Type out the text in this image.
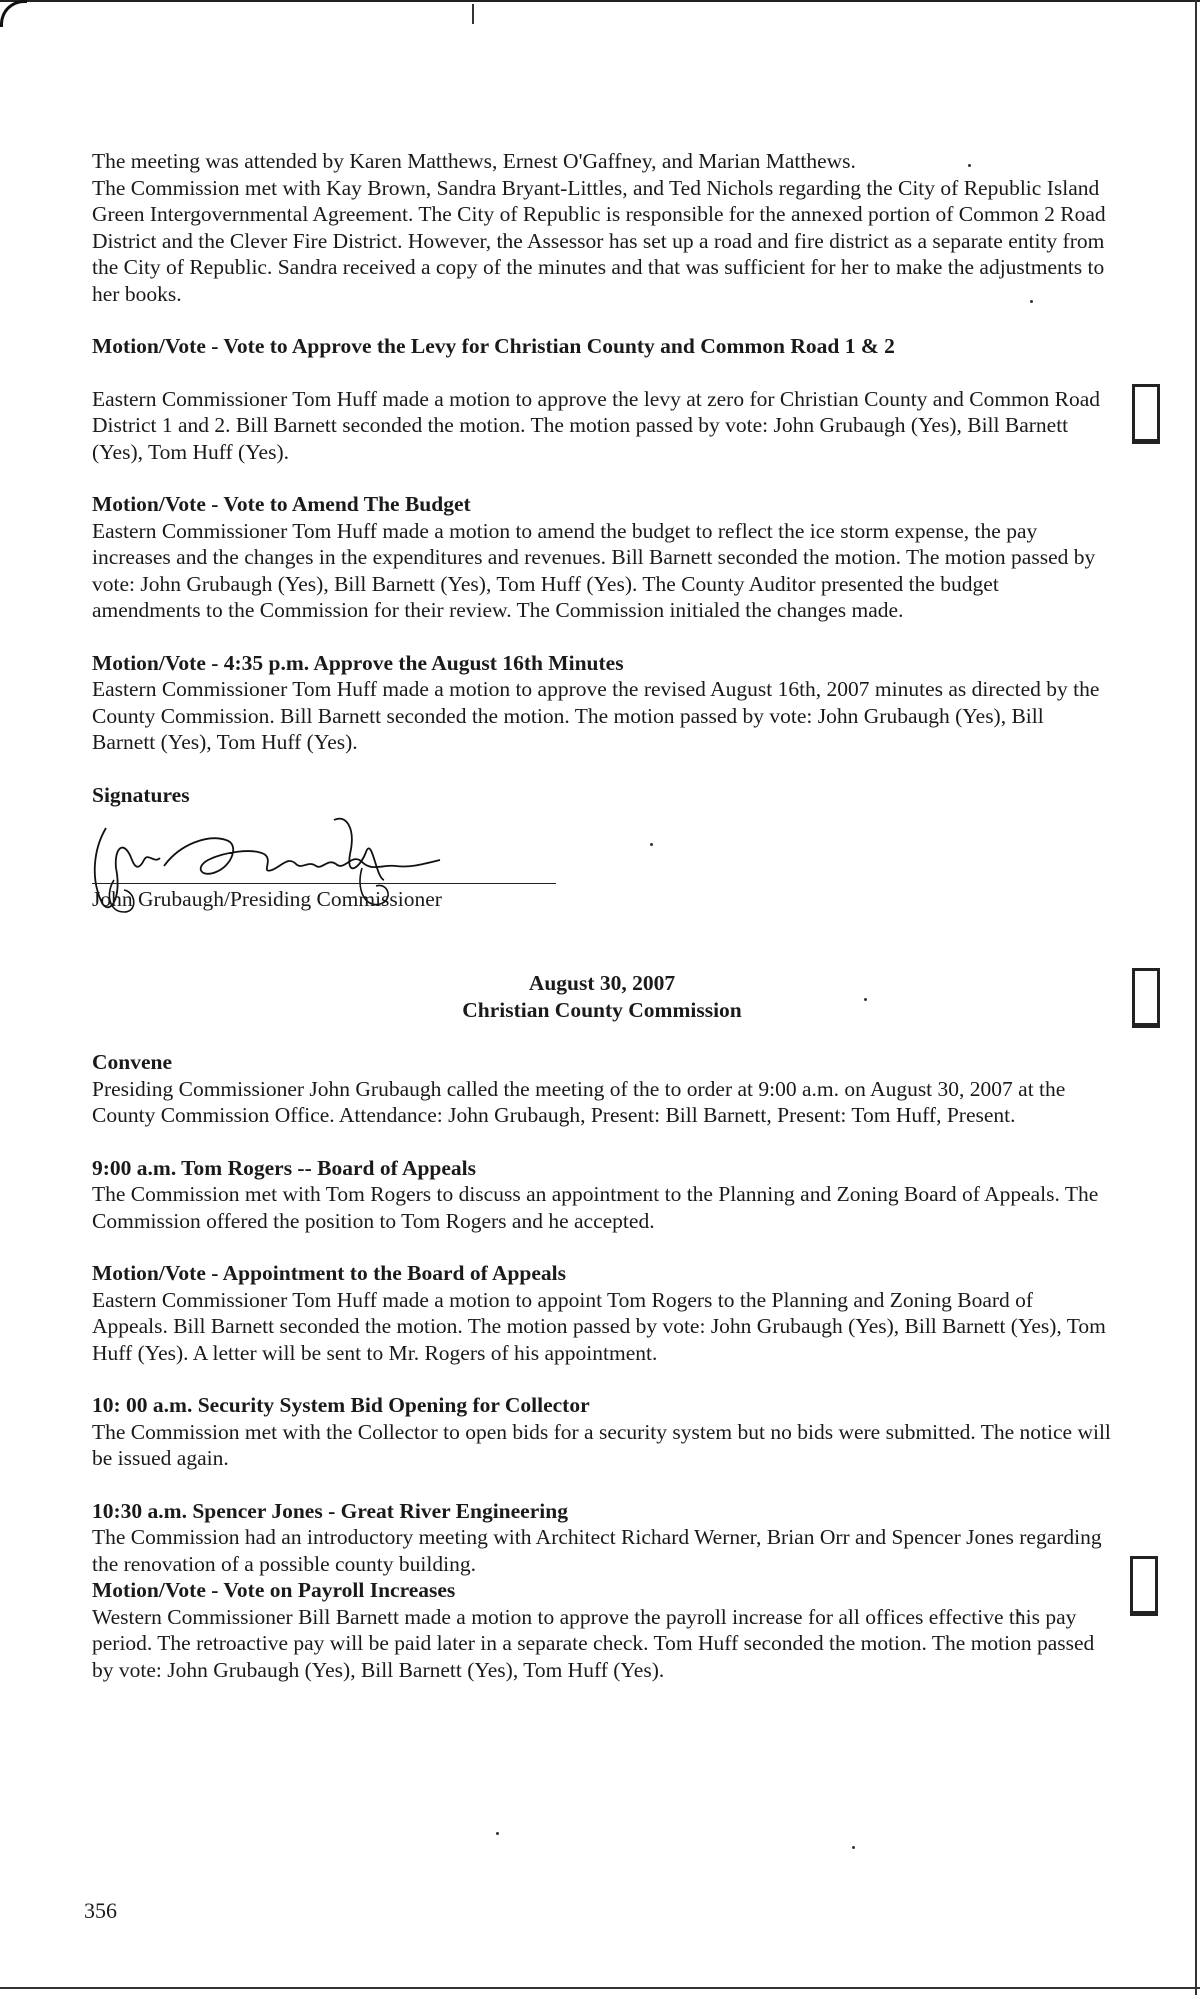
The meeting was attended by Karen Matthews, Ernest O'Gaffney, and Marian Matthews.

The Commission met with Kay Brown, Sandra Bryant-Littles, and Ted Nichols regarding the City of Republic Island Green Intergovernmental Agreement. The City of Republic is responsible for the annexed portion of Common 2 Road District and the Clever Fire District. However, the Assessor has set up a road and fire district as a separate entity from the City of Republic. Sandra received a copy of the minutes and that was sufficient for her to make the adjustments to her books.

Motion/Vote - Vote to Approve the Levy for Christian County and Common Road 1 & 2

Eastern Commissioner Tom Huff made a motion to approve the levy at zero for Christian County and Common Road District 1 and 2. Bill Barnett seconded the motion. The motion passed by vote: John Grubaugh (Yes), Bill Barnett (Yes), Tom Huff (Yes).

Motion/Vote - Vote to Amend The Budget

Eastern Commissioner Tom Huff made a motion to amend the budget to reflect the ice storm expense, the pay increases and the changes in the expenditures and revenues. Bill Barnett seconded the motion. The motion passed by vote: John Grubaugh (Yes), Bill Barnett (Yes), Tom Huff (Yes). The County Auditor presented the budget amendments to the Commission for their review. The Commission initialed the changes made.

Motion/Vote - 4:35 p.m. Approve the August 16th Minutes

Eastern Commissioner Tom Huff made a motion to approve the revised August 16th, 2007 minutes as directed by the County Commission. Bill Barnett seconded the motion. The motion passed by vote: John Grubaugh (Yes), Bill Barnett (Yes), Tom Huff (Yes).

Signatures

John Grubaugh/Presiding Commissioner

August 30, 2007

Christian County Commission

Convene

Presiding Commissioner John Grubaugh called the meeting of the to order at 9:00 a.m. on August 30, 2007 at the County Commission Office. Attendance: John Grubaugh, Present: Bill Barnett, Present: Tom Huff, Present.

9:00 a.m. Tom Rogers -- Board of Appeals

The Commission met with Tom Rogers to discuss an appointment to the Planning and Zoning Board of Appeals. The Commission offered the position to Tom Rogers and he accepted.

Motion/Vote - Appointment to the Board of Appeals

Eastern Commissioner Tom Huff made a motion to appoint Tom Rogers to the Planning and Zoning Board of Appeals. Bill Barnett seconded the motion. The motion passed by vote: John Grubaugh (Yes), Bill Barnett (Yes), Tom Huff (Yes). A letter will be sent to Mr. Rogers of his appointment.

10: 00 a.m. Security System Bid Opening for Collector

The Commission met with the Collector to open bids for a security system but no bids were submitted. The notice will be issued again.

10:30 a.m. Spencer Jones - Great River Engineering

The Commission had an introductory meeting with Architect Richard Werner, Brian Orr and Spencer Jones regarding the renovation of a possible county building.

Motion/Vote - Vote on Payroll Increases

Western Commissioner Bill Barnett made a motion to approve the payroll increase for all offices effective this pay period. The retroactive pay will be paid later in a separate check. Tom Huff seconded the motion. The motion passed by vote: John Grubaugh (Yes), Bill Barnett (Yes), Tom Huff (Yes).

356
